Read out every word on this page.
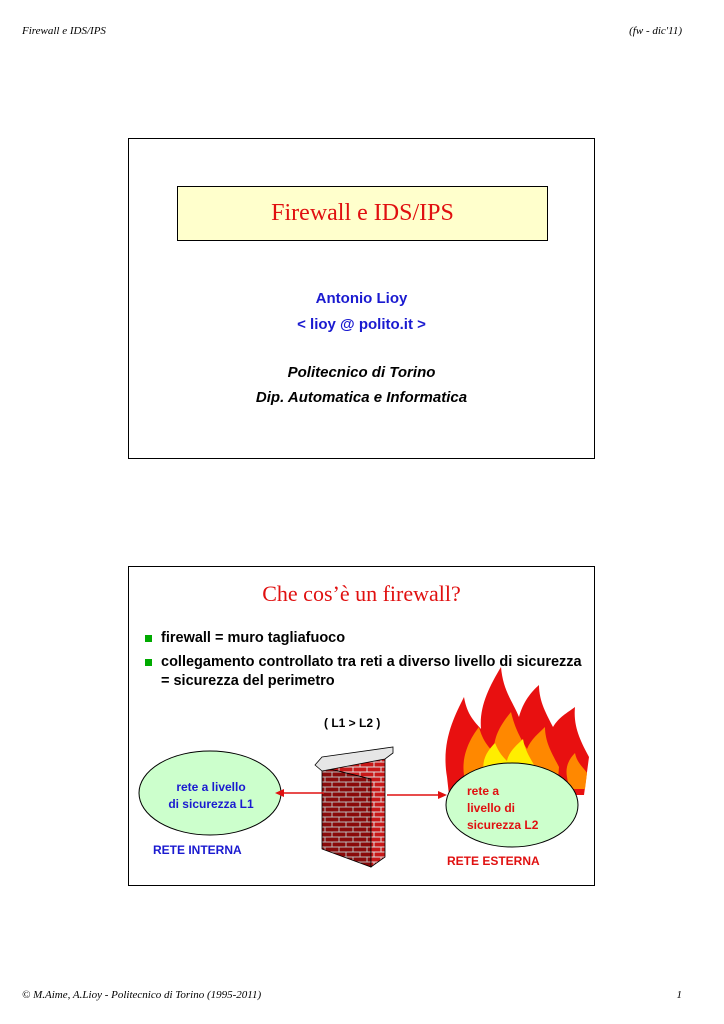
Firewall e IDS/IPS	(fw - dic'11)
Firewall e IDS/IPS
Antonio Lioy
< lioy @ polito.it >
Politecnico di Torino
Dip. Automatica e Informatica
Che cos’è un firewall?
firewall = muro tagliafuoco
collegamento controllato tra reti a diverso livello di sicurezza = sicurezza del perimetro
( L1 > L2 )
rete a livello
di sicurezza L1
RETE INTERNA
rete a
livello di
sicurezza L2
RETE ESTERNA
© M.Aime, A.Lioy - Politecnico di Torino (1995-2011)	1
